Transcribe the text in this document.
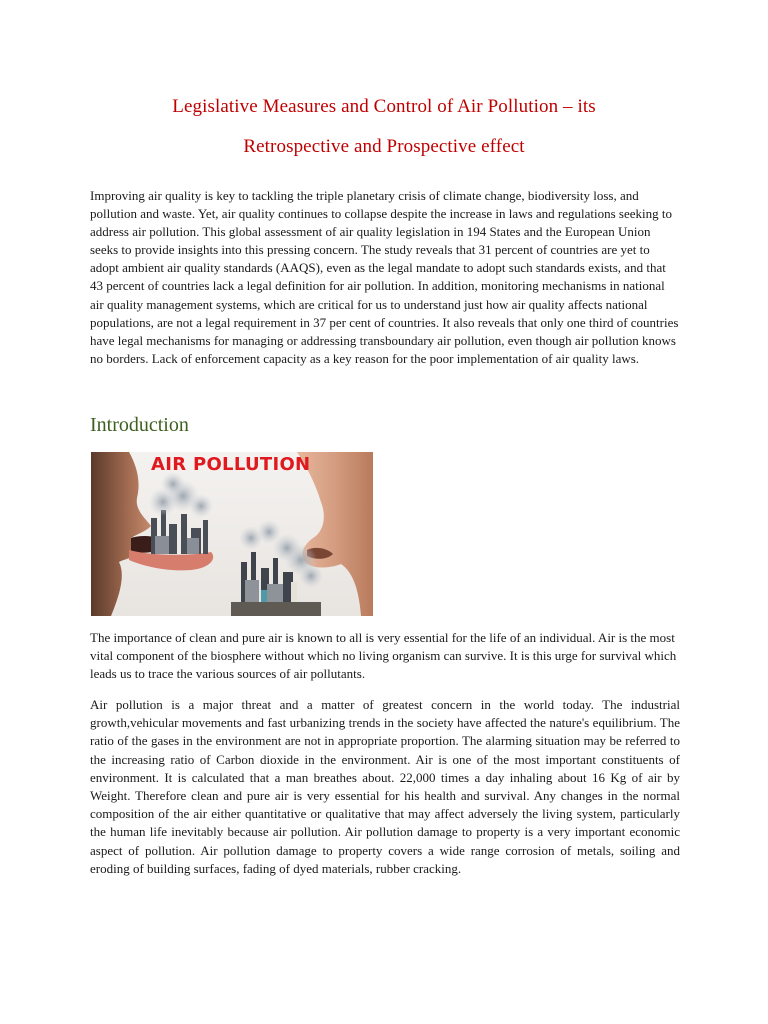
Legislative Measures and Control of Air Pollution – its
Retrospective and Prospective effect

Improving air quality is key to tackling the triple planetary crisis of climate change, biodiversity loss, and pollution and waste. Yet, air quality continues to collapse despite the increase in laws and regulations seeking to address air pollution. This global assessment of air quality legislation in 194 States and the European Union seeks to provide insights into this pressing concern. The study reveals that 31 percent of countries are yet to adopt ambient air quality standards (AAQS), even as the legal mandate to adopt such standards exists, and that 43 percent of countries lack a legal definition for air pollution. In addition, monitoring mechanisms in national air quality management systems, which are critical for us to understand just how air quality affects national populations, are not a legal requirement in 37 per cent of countries. It also reveals that only one third of countries have legal mechanisms for managing or addressing transboundary air pollution, even though air pollution knows no borders. Lack of enforcement capacity as a key reason for the poor implementation of air quality laws.

Introduction
AIR POLLUTION

The importance of clean and pure air is known to all is very essential for the life of an individual. Air is the most vital component of the biosphere without which no living organism can survive. It is this urge for survival which leads us to trace the various sources of air pollutants.

Air pollution is a major threat and a matter of greatest concern in the world today. The industrial growth,vehicular movements and fast urbanizing trends in the society have affected the nature's equilibrium. The ratio of the gases in the environment are not in appropriate proportion. The alarming situation may be referred to the increasing ratio of Carbon dioxide in the environment. Air is one of the most important constituents of environment. It is calculated that a man breathes about. 22,000 times a day inhaling about 16 Kg of air by Weight. Therefore clean and pure air is very essential for his health and survival. Any changes in the normal composition of the air either quantitative or qualitative that may affect adversely the living system, particularly the human life inevitably because air pollution. Air pollution damage to property is a very important economic aspect of pollution. Air pollution damage to property covers a wide range corrosion of metals, soiling and eroding of building surfaces, fading of dyed materials, rubber cracking.
